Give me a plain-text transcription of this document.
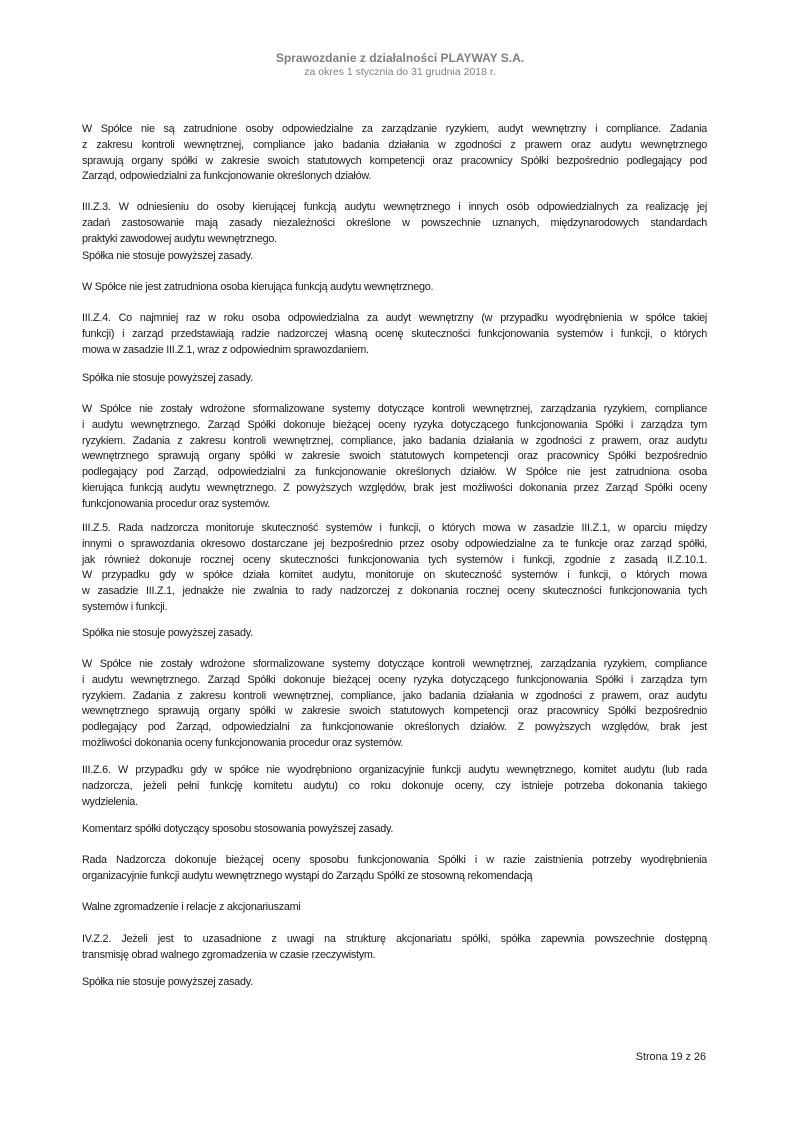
Sprawozdanie z działalności PLAYWAY S.A.
za okres 1 stycznia do 31 grudnia 2018 r.
W Spółce nie są zatrudnione osoby odpowiedzialne za zarządzanie ryzykiem, audyt wewnętrzny i compliance. Zadania
z zakresu kontroli wewnętrznej, compliance jako badania działania w zgodności z prawem oraz audytu wewnętrznego
sprawują organy spółki w zakresie swoich statutowych kompetencji oraz pracownicy Spółki bezpośrednio podlegający pod
Zarząd, odpowiedzialni za funkcjonowanie określonych działów.
III.Z.3. W odniesieniu do osoby kierującej funkcją audytu wewnętrznego i innych osób odpowiedzialnych za realizację jej
zadań zastosowanie mają zasady niezależności określone w powszechnie uznanych, międzynarodowych standardach
praktyki zawodowej audytu wewnętrznego.
Spółka nie stosuje powyższej zasady.
W Spółce nie jest zatrudniona osoba kierująca funkcją audytu wewnętrznego.
III.Z.4. Co najmniej raz w roku osoba odpowiedzialna za audyt wewnętrzny (w przypadku wyodrębnienia w spółce takiej
funkcji) i zarząd przedstawiają radzie nadzorczej własną ocenę skuteczności funkcjonowania systemów i funkcji, o których
mowa w zasadzie III.Z.1, wraz z odpowiednim sprawozdaniem.
Spółka nie stosuje powyższej zasady.
W Spółce nie zostały wdrożone sformalizowane systemy dotyczące kontroli wewnętrznej, zarządzania ryzykiem, compliance
i audytu wewnętrznego. Zarząd Spółki dokonuje bieżącej oceny ryzyka dotyczącego funkcjonowania Spółki i zarządza tym
ryzykiem. Zadania z zakresu kontroli wewnętrznej, compliance, jako badania działania w zgodności z prawem, oraz audytu
wewnętrznego sprawują organy spółki w zakresie swoich statutowych kompetencji oraz pracownicy Spółki bezpośrednio
podlegający pod Zarząd, odpowiedzialni za funkcjonowanie określonych działów. W Spółce nie jest zatrudniona osoba
kierująca funkcją audytu wewnętrznego. Z powyższych względów, brak jest możliwości dokonania przez Zarząd Spółki oceny
funkcjonowania procedur oraz systemów.
III.Z.5. Rada nadzorcza monitoruje skuteczność systemów i funkcji, o których mowa w zasadzie III.Z.1, w oparciu między
innymi o sprawozdania okresowo dostarczane jej bezpośrednio przez osoby odpowiedzialne za te funkcje oraz zarząd spółki,
jak również dokonuje rocznej oceny skuteczności funkcjonowania tych systemów i funkcji, zgodnie z zasadą II.Z.10.1.
W przypadku gdy w spółce działa komitet audytu, monitoruje on skuteczność systemów i funkcji, o których mowa
w zasadzie III.Z.1, jednakże nie zwalnia to rady nadzorczej z dokonania rocznej oceny skuteczności funkcjonowania tych
systemów i funkcji.
Spółka nie stosuje powyższej zasady.
W Spółce nie zostały wdrożone sformalizowane systemy dotyczące kontroli wewnętrznej, zarządzania ryzykiem, compliance
i audytu wewnętrznego. Zarząd Spółki dokonuje bieżącej oceny ryzyka dotyczącego funkcjonowania Spółki i zarządza tym
ryzykiem. Zadania z zakresu kontroli wewnętrznej, compliance, jako badania działania w zgodności z prawem, oraz audytu
wewnętrznego sprawują organy spółki w zakresie swoich statutowych kompetencji oraz pracownicy Spółki bezpośrednio
podlegający pod Zarząd, odpowiedzialni za funkcjonowanie określonych działów. Z powyższych względów, brak jest
możliwości dokonania oceny funkcjonowania procedur oraz systemów.
III.Z.6. W przypadku gdy w spółce nie wyodrębniono organizacyjnie funkcji audytu wewnętrznego, komitet audytu (lub rada
nadzorcza, jeżeli pełni funkcję komitetu audytu) co roku dokonuje oceny, czy istnieje potrzeba dokonania takiego
wydzielenia.
Komentarz spółki dotyczący sposobu stosowania powyższej zasady.
Rada Nadzorcza dokonuje bieżącej oceny sposobu funkcjonowania Spółki i w razie zaistnienia potrzeby wyodrębnienia
organizacyjnie funkcji audytu wewnętrznego wystąpi do Zarządu Spółki ze stosowną rekomendacją
Walne zgromadzenie i relacje z akcjonariuszami
IV.Z.2. Jeżeli jest to uzasadnione z uwagi na strukturę akcjonariatu spółki, spółka zapewnia powszechnie dostępną
transmisję obrad walnego zgromadzenia w czasie rzeczywistym.
Spółka nie stosuje powyższej zasady.
Strona 19 z 26
